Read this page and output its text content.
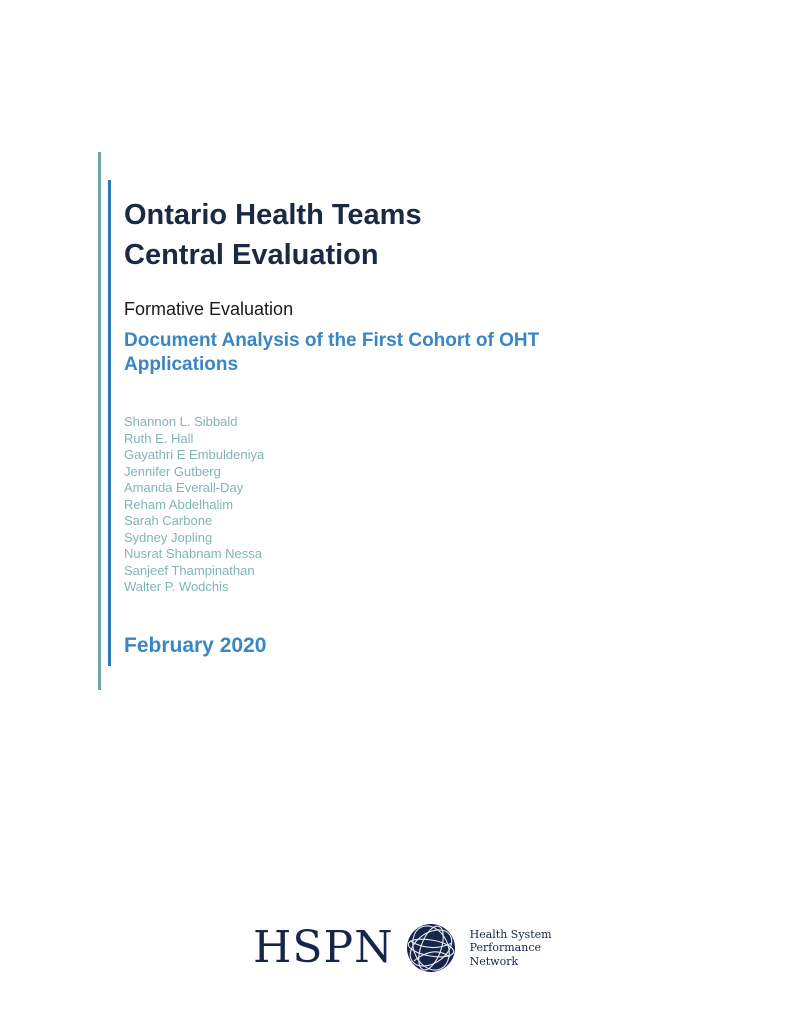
Ontario Health Teams
Central Evaluation
Formative Evaluation
Document Analysis of the First Cohort of OHT Applications
Shannon L. Sibbald
Ruth E. Hall
Gayathri E Embuldeniya
Jennifer Gutberg
Amanda Everall-Day
Reham Abdelhalim
Sarah Carbone
Sydney Jopling
Nusrat Shabnam Nessa
Sanjeef Thampinathan
Walter P. Wodchis
February 2020
HSPN	Health System
Performance
Network
